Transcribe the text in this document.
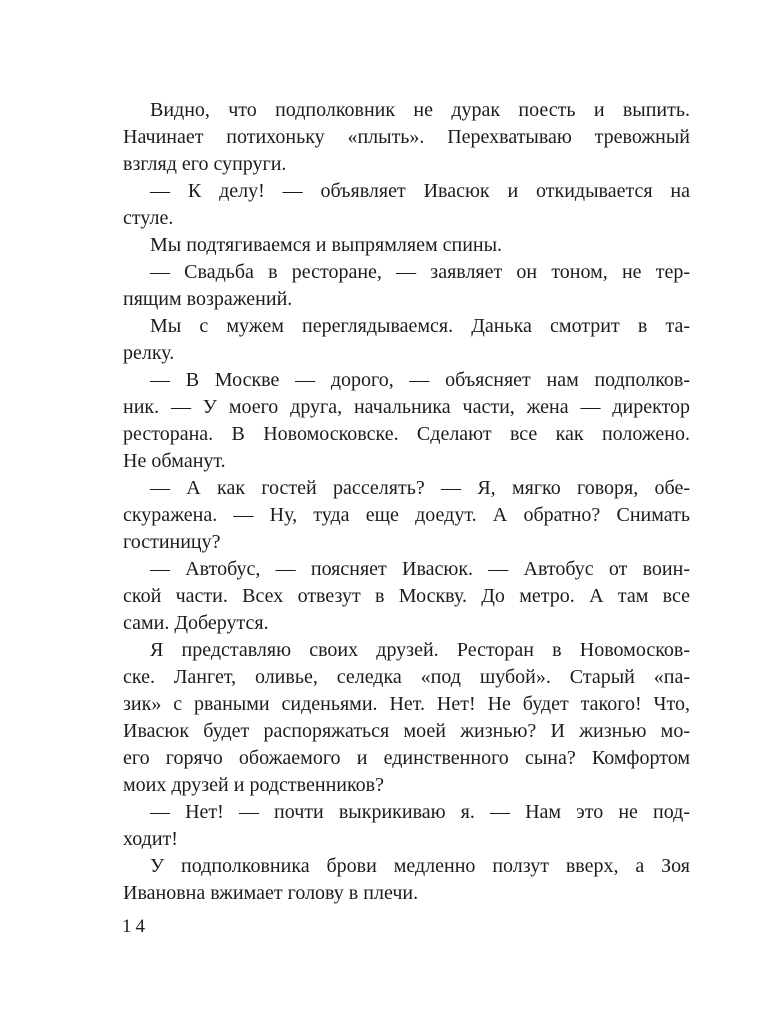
Видно, что подполковник не дурак поесть и выпить.
Начинает потихоньку «плыть». Перехватываю тревожный
взгляд его супруги.

— К делу! — объявляет Ивасюк и откидывается на
стуле.

Мы подтягиваемся и выпрямляем спины.

— Свадьба в ресторане, — заявляет он тоном, не тер-
пящим возражений.

Мы с мужем переглядываемся. Данька смотрит в та-
релку.

— В Москве — дорого, — объясняет нам подполков-
ник. — У моего друга, начальника части, жена — директор
ресторана. В Новомосковске. Сделают все как положено.
Не обманут.

— А как гостей расселять? — Я, мягко говоря, обе-
скуражена. — Ну, туда еще доедут. А обратно? Снимать
гостиницу?

— Автобус, — поясняет Ивасюк. — Автобус от воин-
ской части. Всех отвезут в Москву. До метро. А там все
сами. Доберутся.

Я представляю своих друзей. Ресторан в Новомосков-
ске. Лангет, оливье, селедка «под шубой». Старый «па-
зик» с рваными сиденьями. Нет. Нет! Не будет такого! Что,
Ивасюк будет распоряжаться моей жизнью? И жизнью мо-
его горячо обожаемого и единственного сына? Комфортом
моих друзей и родственников?

— Нет! — почти выкрикиваю я. — Нам это не под-
ходит!

У подполковника брови медленно ползут вверх, а Зоя
Ивановна вжимает голову в плечи.

14
